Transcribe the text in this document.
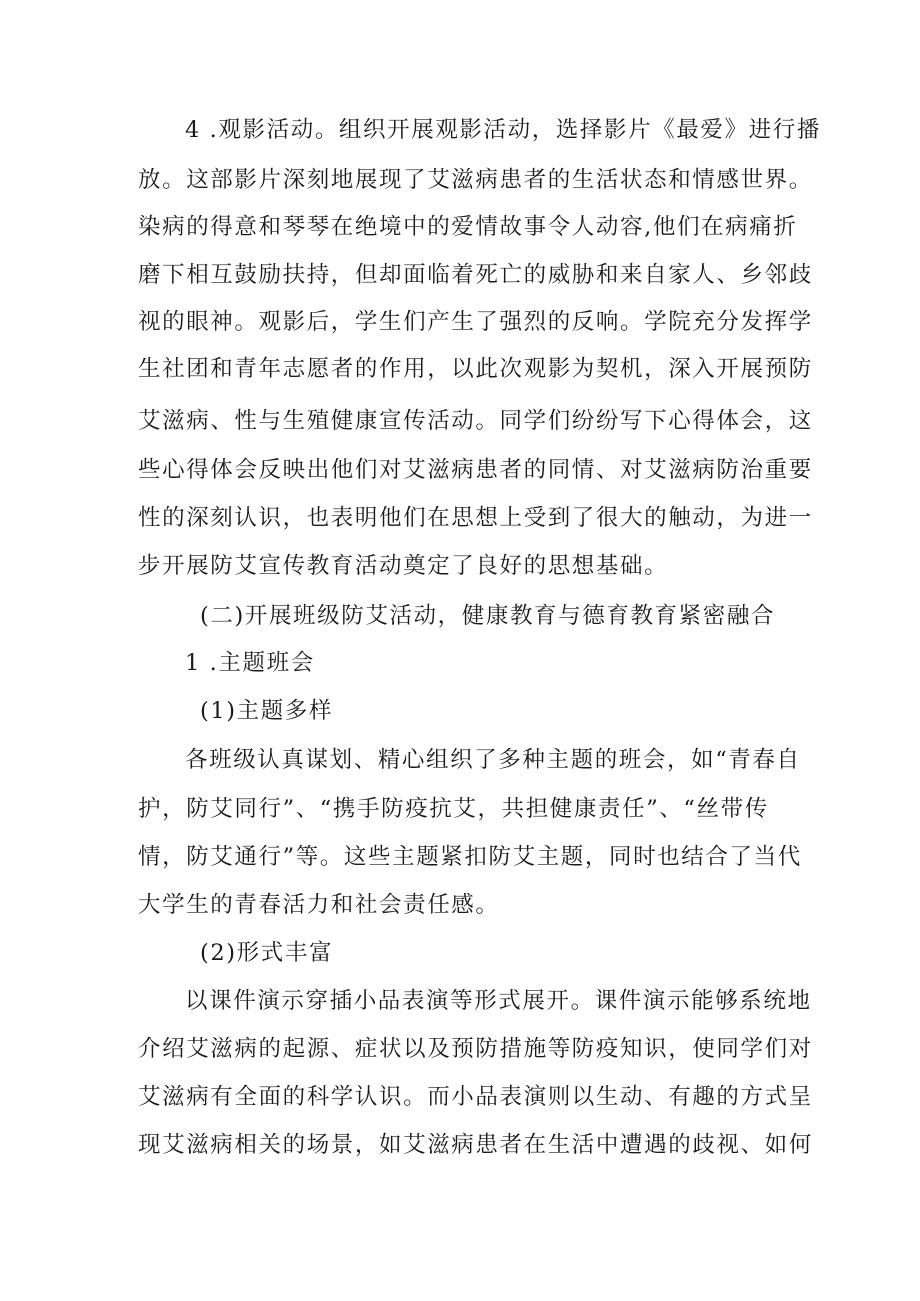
4 .观影活动。组织开展观影活动，选择影片《最爱》进行播
放。这部影片深刻地展现了艾滋病患者的生活状态和情感世界。
染病的得意和琴琴在绝境中的爱情故事令人动容,他们在病痛折
磨下相互鼓励扶持，但却面临着死亡的威胁和来自家人、乡邻歧
视的眼神。观影后，学生们产生了强烈的反响。学院充分发挥学
生社团和青年志愿者的作用，以此次观影为契机，深入开展预防
艾滋病、性与生殖健康宣传活动。同学们纷纷写下心得体会，这
些心得体会反映出他们对艾滋病患者的同情、对艾滋病防治重要
性的深刻认识，也表明他们在思想上受到了很大的触动，为进一
步开展防艾宣传教育活动奠定了良好的思想基础。
(二)开展班级防艾活动，健康教育与德育教育紧密融合
1 .主题班会
(1)主题多样
各班级认真谋划、精心组织了多种主题的班会，如“青春自
护，防艾同行”、“携手防疫抗艾，共担健康责任”、“丝带传
情，防艾通行”等。这些主题紧扣防艾主题，同时也结合了当代
大学生的青春活力和社会责任感。
(2)形式丰富
以课件演示穿插小品表演等形式展开。课件演示能够系统地
介绍艾滋病的起源、症状以及预防措施等防疫知识，使同学们对
艾滋病有全面的科学认识。而小品表演则以生动、有趣的方式呈
现艾滋病相关的场景，如艾滋病患者在生活中遭遇的歧视、如何
